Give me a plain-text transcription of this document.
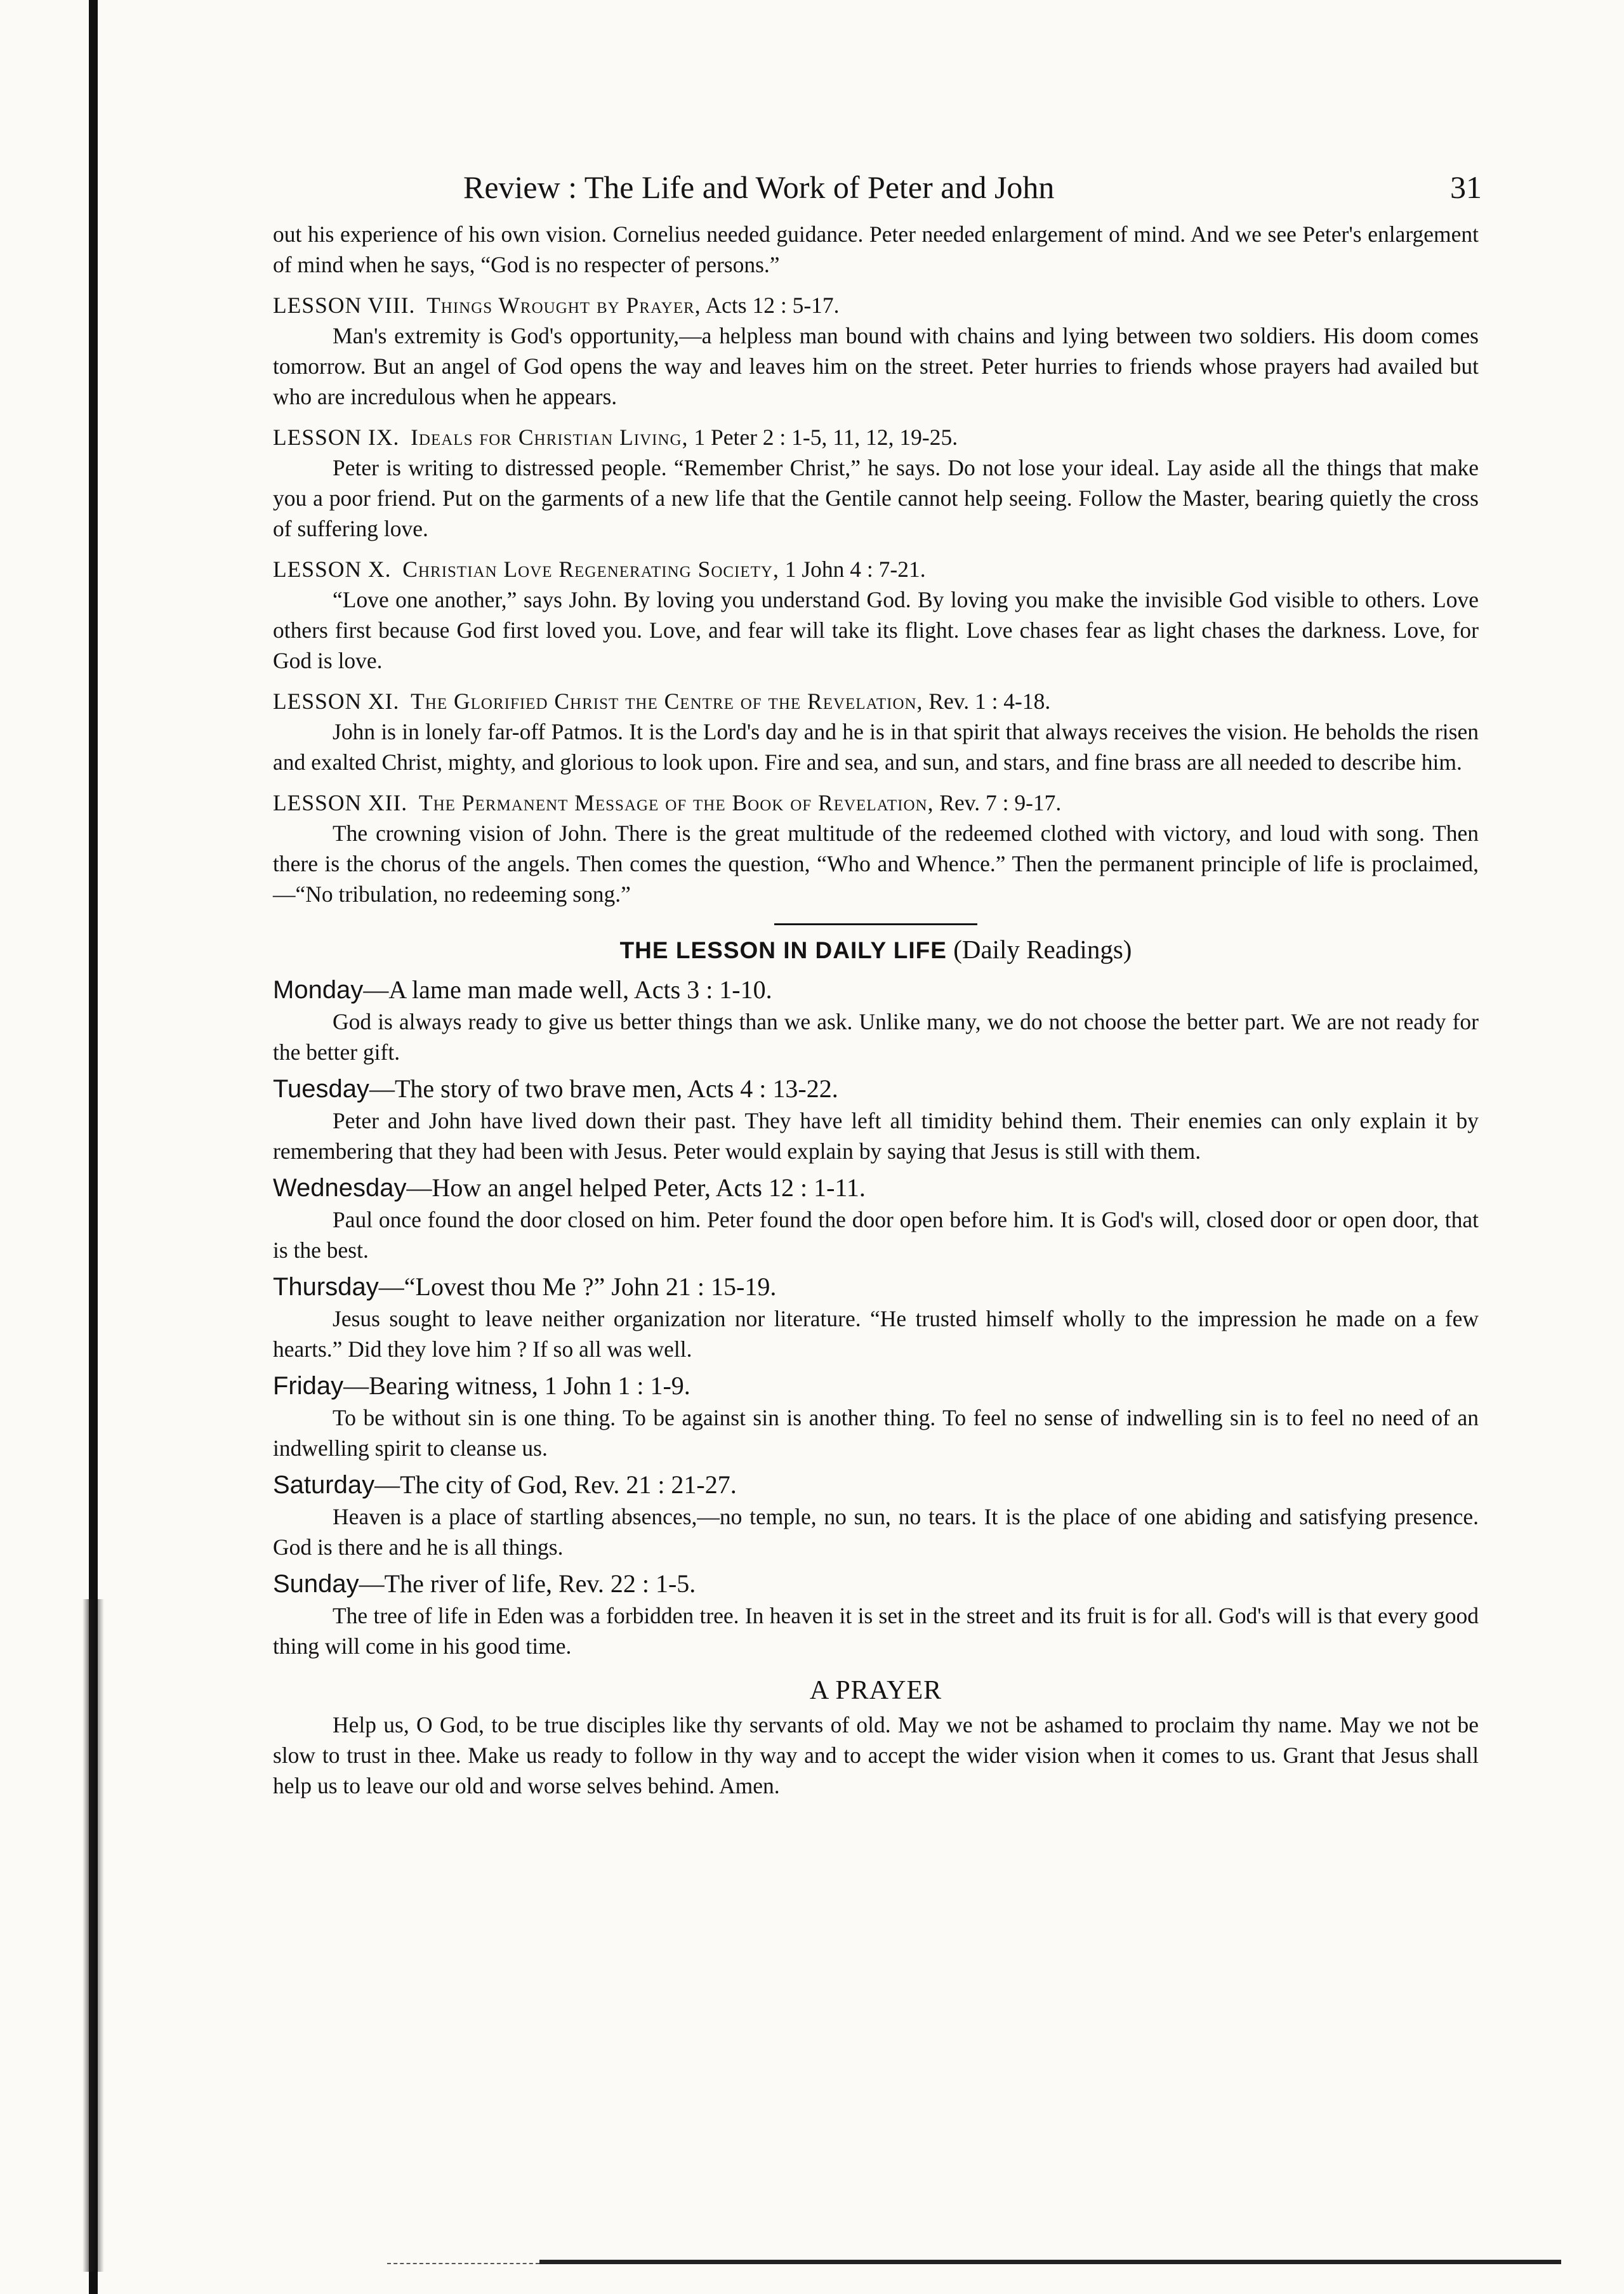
Review : The Life and Work of Peter and John	31

out his experience of his own vision. Cornelius needed guidance. Peter needed enlargement of mind. And we see Peter's enlargement of mind when he says, “God is no respecter of persons.”

LESSON VIII. Things Wrought by Prayer, Acts 12 : 5-17.

Man's extremity is God's opportunity,—a helpless man bound with chains and lying between two soldiers. His doom comes tomorrow. But an angel of God opens the way and leaves him on the street. Peter hurries to friends whose prayers had availed but who are incredulous when he appears.

LESSON IX. Ideals for Christian Living, 1 Peter 2 : 1-5, 11, 12, 19-25.

Peter is writing to distressed people. “Remember Christ,” he says. Do not lose your ideal. Lay aside all the things that make you a poor friend. Put on the garments of a new life that the Gentile cannot help seeing. Follow the Master, bearing quietly the cross of suffering love.

LESSON X. Christian Love Regenerating Society, 1 John 4 : 7-21.

“Love one another,” says John. By loving you understand God. By loving you make the invisible God visible to others. Love others first because God first loved you. Love, and fear will take its flight. Love chases fear as light chases the darkness. Love, for God is love.

LESSON XI. The Glorified Christ the Centre of the Revelation, Rev. 1 : 4-18.

John is in lonely far-off Patmos. It is the Lord's day and he is in that spirit that always receives the vision. He beholds the risen and exalted Christ, mighty, and glorious to look upon. Fire and sea, and sun, and stars, and fine brass are all needed to describe him.

LESSON XII. The Permanent Message of the Book of Revelation, Rev. 7 : 9-17.

The crowning vision of John. There is the great multitude of the redeemed clothed with victory, and loud with song. Then there is the chorus of the angels. Then comes the question, “Who and Whence.” Then the permanent principle of life is proclaimed,—“No tribulation, no redeeming song.”

THE LESSON IN DAILY LIFE (Daily Readings)

Monday—A lame man made well, Acts 3 : 1-10.

God is always ready to give us better things than we ask. Unlike many, we do not choose the better part. We are not ready for the better gift.

Tuesday—The story of two brave men, Acts 4 : 13-22.

Peter and John have lived down their past. They have left all timidity behind them. Their enemies can only explain it by remembering that they had been with Jesus. Peter would explain by saying that Jesus is still with them.

Wednesday—How an angel helped Peter, Acts 12 : 1-11.

Paul once found the door closed on him. Peter found the door open before him. It is God's will, closed door or open door, that is the best.

Thursday—“Lovest thou Me ?” John 21 : 15-19.

Jesus sought to leave neither organization nor literature. “He trusted himself wholly to the impression he made on a few hearts.” Did they love him ? If so all was well.

Friday—Bearing witness, 1 John 1 : 1-9.

To be without sin is one thing. To be against sin is another thing. To feel no sense of indwelling sin is to feel no need of an indwelling spirit to cleanse us.

Saturday—The city of God, Rev. 21 : 21-27.

Heaven is a place of startling absences,—no temple, no sun, no tears. It is the place of one abiding and satisfying presence. God is there and he is all things.

Sunday—The river of life, Rev. 22 : 1-5.

The tree of life in Eden was a forbidden tree. In heaven it is set in the street and its fruit is for all. God's will is that every good thing will come in his good time.

A PRAYER

Help us, O God, to be true disciples like thy servants of old. May we not be ashamed to proclaim thy name. May we not be slow to trust in thee. Make us ready to follow in thy way and to accept the wider vision when it comes to us. Grant that Jesus shall help us to leave our old and worse selves behind. Amen.
